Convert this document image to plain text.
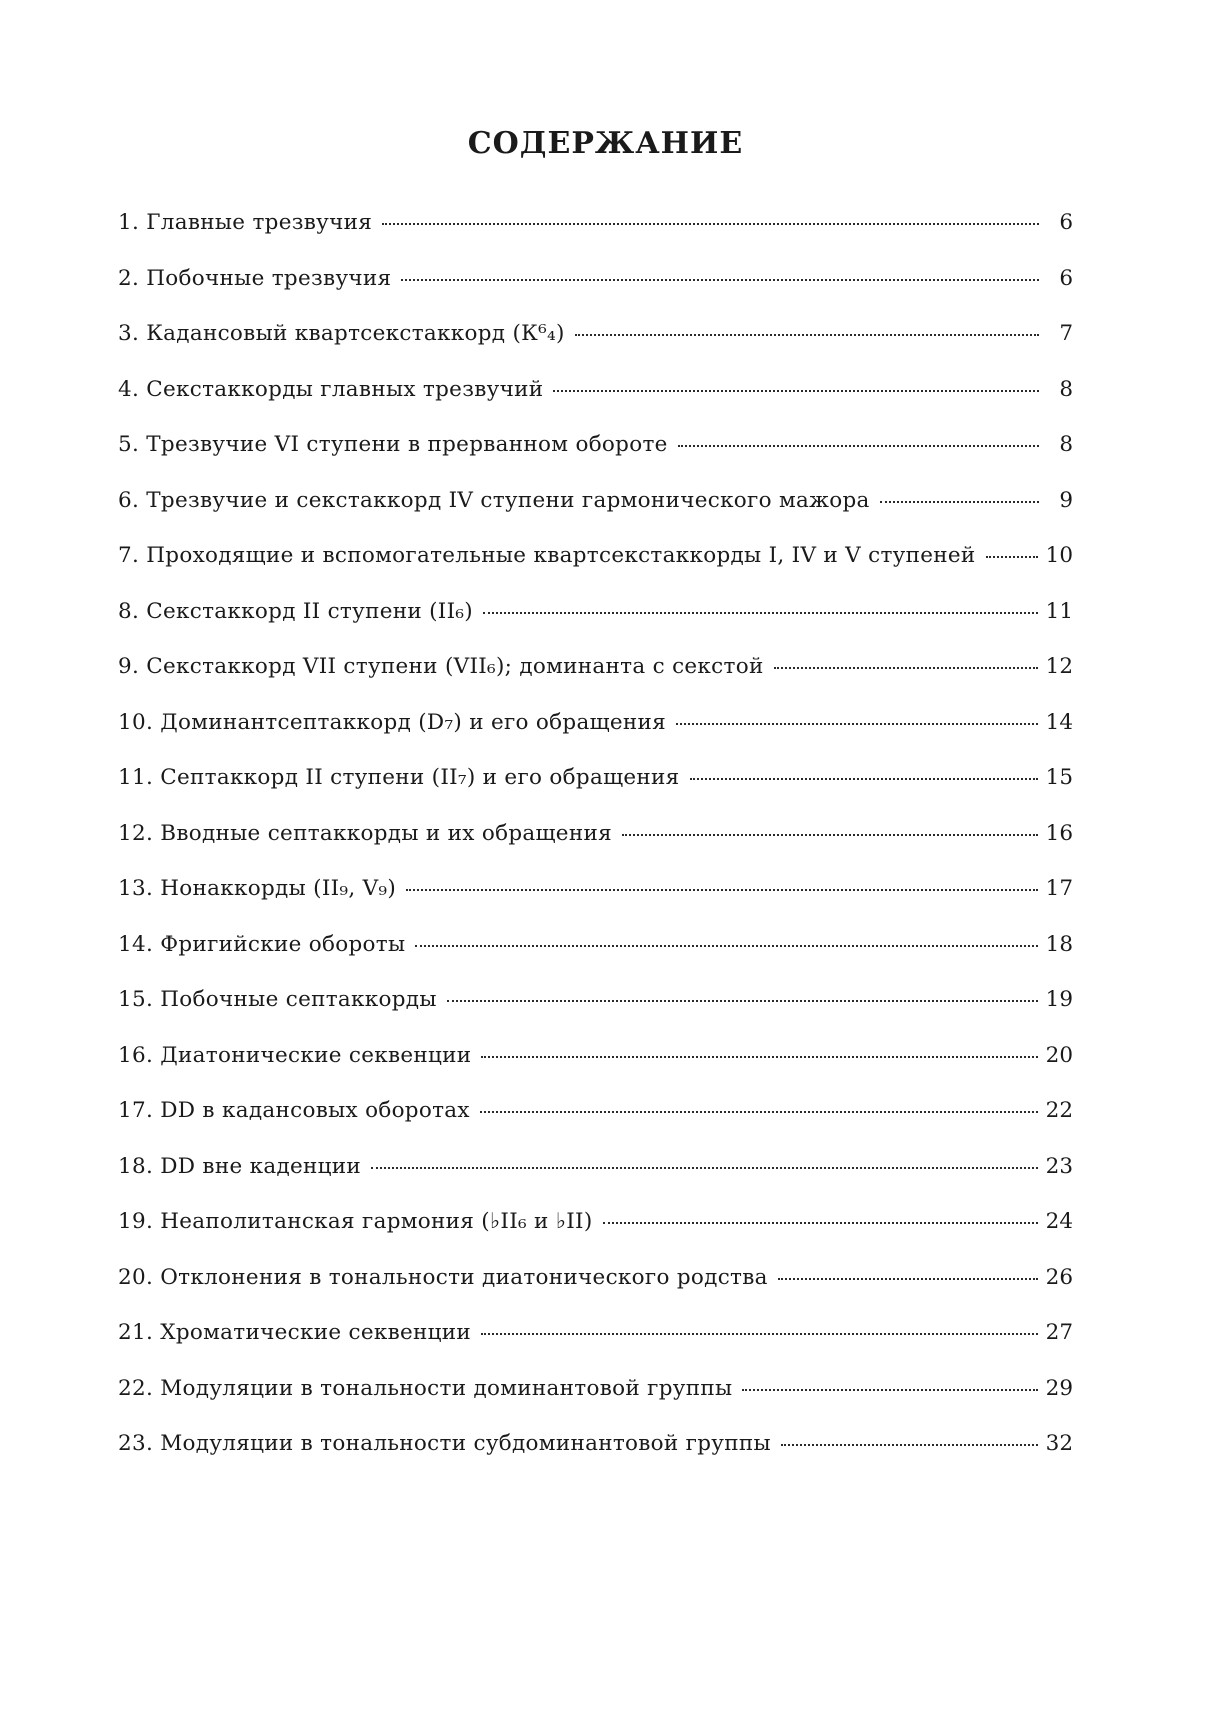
СОДЕРЖАНИЕ
1. Главные трезвучия	6
2. Побочные трезвучия	6
3. Кадансовый квартсекстаккорд (К⁶₄)	7
4. Секстаккорды главных трезвучий	8
5. Трезвучие VI ступени в прерванном обороте	8
6. Трезвучие и секстаккорд IV ступени гармонического мажора	9
7. Проходящие и вспомогательные квартсекстаккорды I, IV и V ступеней	10
8. Секстаккорд II ступени (II₆)	11
9. Секстаккорд VII ступени (VII₆); доминанта с секстой	12
10. Доминантсептаккорд (D₇) и его обращения	14
11. Септаккорд II ступени (II₇) и его обращения	15
12. Вводные септаккорды и их обращения	16
13. Нонаккорды (II₉, V₉)	17
14. Фригийские обороты	18
15. Побочные септаккорды	19
16. Диатонические секвенции	20
17. DD в кадансовых оборотах	22
18. DD вне каденции	23
19. Неаполитанская гармония (♭II₆ и ♭II)	24
20. Отклонения в тональности диатонического родства	26
21. Хроматические секвенции	27
22. Модуляции в тональности доминантовой группы	29
23. Модуляции в тональности субдоминантовой группы	32
